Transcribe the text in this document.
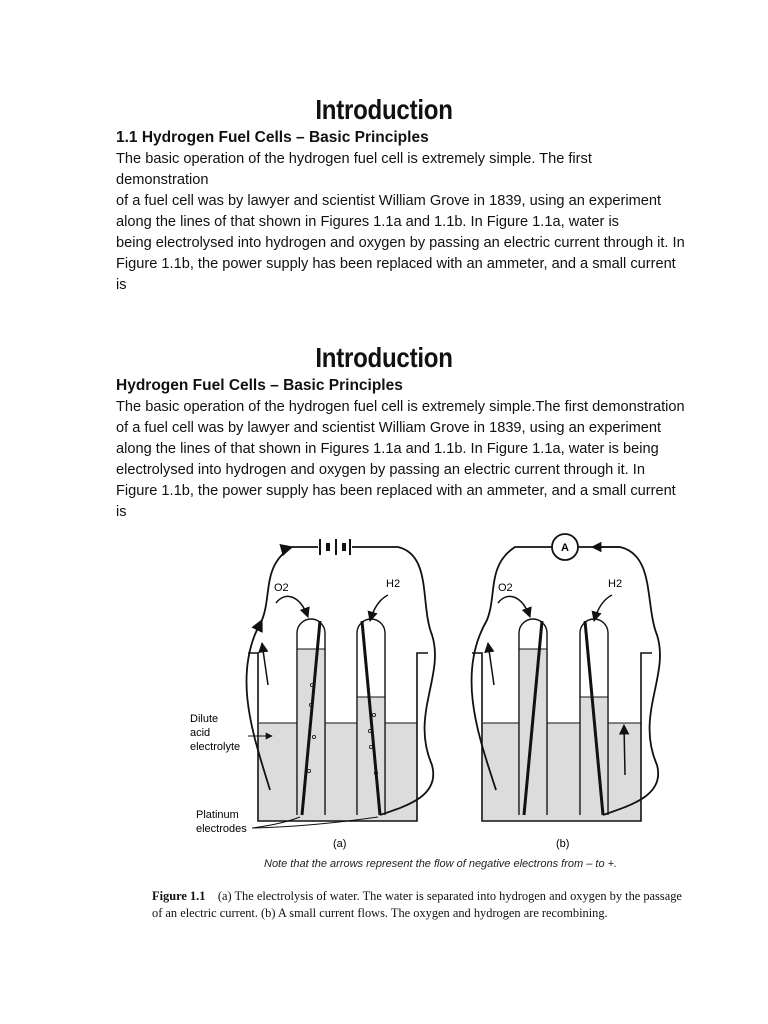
Introduction
1.1 Hydrogen Fuel Cells – Basic Principles
The basic operation of the hydrogen fuel cell is extremely simple. The first
demonstration
of a fuel cell was by lawyer and scientist William Grove in 1839, using an experiment
along the lines of that shown in Figures 1.1a and 1.1b. In Figure 1.1a, water is
being electrolysed into hydrogen and oxygen by passing an electric current through it. In
Figure 1.1b, the power supply has been replaced with an ammeter, and a small current
is
Introduction
Hydrogen Fuel Cells – Basic Principles
The basic operation of the hydrogen fuel cell is extremely simple.The first demonstration
of a fuel cell was by lawyer and scientist William Grove in 1839, using an experiment
along the lines of that shown in Figures 1.1a and 1.1b. In Figure 1.1a, water is being
electrolysed into hydrogen and oxygen by passing an electric current through it. In
Figure 1.1b, the power supply has been replaced with an ammeter, and a small current
is
O2	H2
Dilute
acid
electrolyte
Platinum
electrodes
(a)
A
O2	H2
(b)
Note that the arrows represent the flow of negative electrons from – to +.
Figure 1.1 (a) The electrolysis of water. The water is separated into hydrogen and oxygen by the passage of an electric current. (b) A small current flows. The oxygen and hydrogen are recombining.
